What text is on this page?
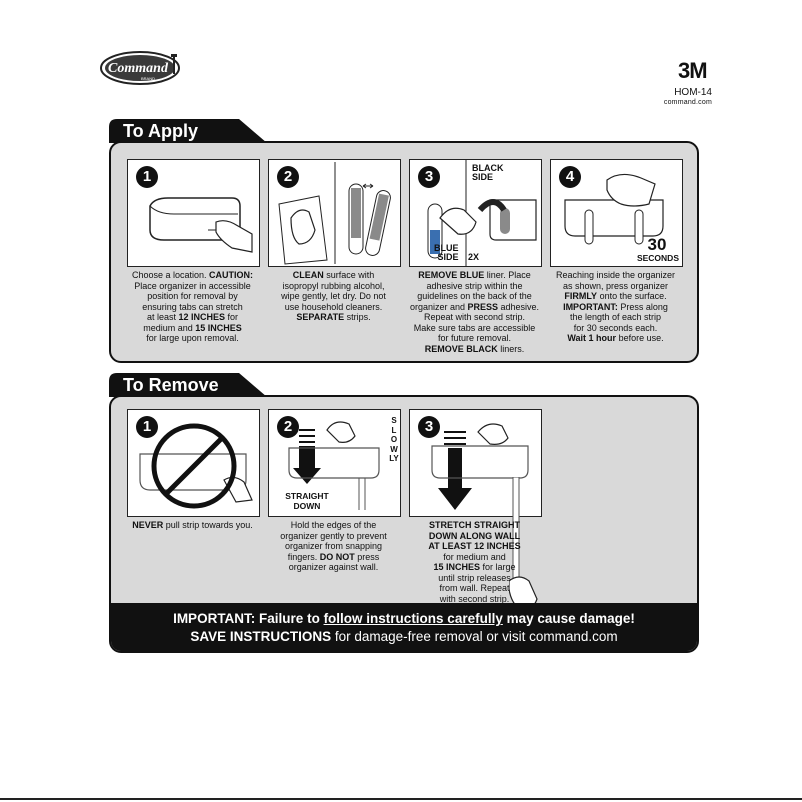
Command
BRAND	3M
HOM-14
command.com
To Apply
1
Choose a location. CAUTION:
Place organizer in accessible
position for removal by
ensuring tabs can stretch
at least 12 INCHES for
medium and 15 INCHES
for large upon removal.
2
CLEAN surface with
isopropyl rubbing alcohol,
wipe gently, let dry. Do not
use household cleaners.
SEPARATE strips.
3	BLACK
SIDE
BLUE
SIDE 2X
REMOVE BLUE liner. Place
adhesive strip within the
guidelines on the back of the
organizer and PRESS adhesive.
Repeat with second strip.
Make sure tabs are accessible
for future removal.
REMOVE BLACK liners.
4
30
SECONDS
Reaching inside the organizer
as shown, press organizer
FIRMLY onto the surface.
IMPORTANT: Press along
the length of each strip
for 30 seconds each.
Wait 1 hour before use.
To Remove
1
NEVER pull strip towards you.
2	SLOWLY
STRAIGHT
DOWN
Hold the edges of the
organizer gently to prevent
organizer from snapping
fingers. DO NOT press
organizer against wall.
3
STRETCH STRAIGHT
DOWN ALONG WALL
AT LEAST 12 INCHES
for medium and
15 INCHES for large
until strip releases
from wall. Repeat
with second strip.
IMPORTANT: Failure to follow instructions carefully may cause damage!
SAVE INSTRUCTIONS for damage-free removal or visit command.com
